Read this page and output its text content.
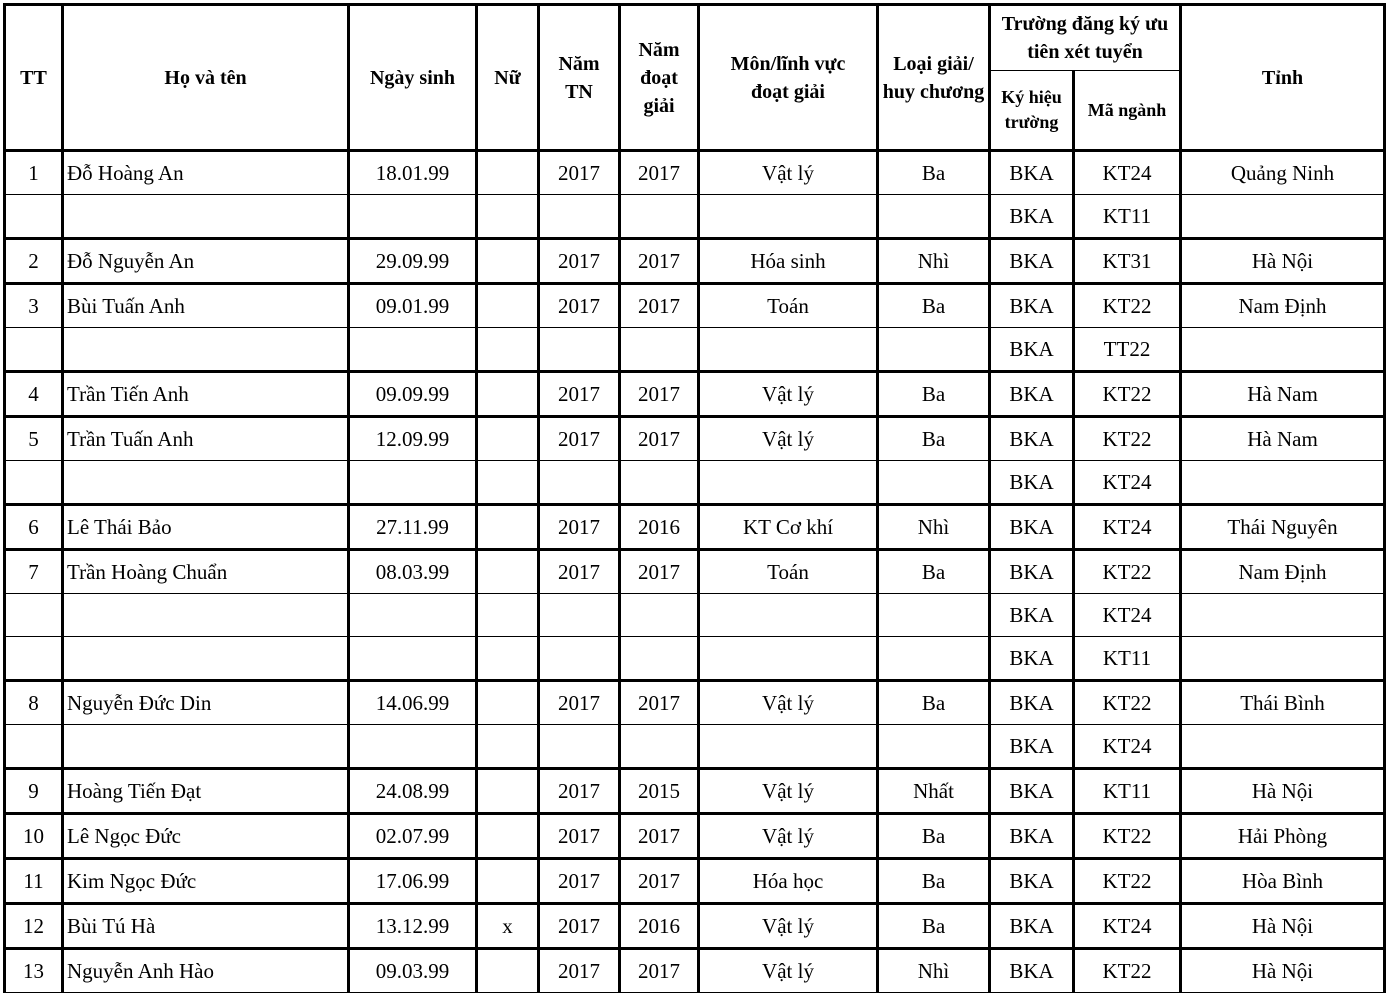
TT	Họ và tên	Ngày sinh	Nữ	Năm TN	Năm đoạt giải	Môn/lĩnh vực đoạt giải	Loại giải/ huy chương	Trường đăng ký ưu tiên xét tuyển		Tỉnh
								Ký hiệu trường	Mã ngành	
1	Đỗ Hoàng An	18.01.99		2017	2017	Vật lý	Ba	BKA	KT24	Quảng Ninh
								BKA	KT11	
2	Đỗ Nguyễn An	29.09.99		2017	2017	Hóa sinh	Nhì	BKA	KT31	Hà Nội
3	Bùi Tuấn Anh	09.01.99		2017	2017	Toán	Ba	BKA	KT22	Nam Định
								BKA	TT22	
4	Trần Tiến Anh	09.09.99		2017	2017	Vật lý	Ba	BKA	KT22	Hà Nam
5	Trần Tuấn Anh	12.09.99		2017	2017	Vật lý	Ba	BKA	KT22	Hà Nam
								BKA	KT24	
6	Lê Thái Bảo	27.11.99		2017	2016	KT Cơ khí	Nhì	BKA	KT24	Thái Nguyên
7	Trần Hoàng Chuẩn	08.03.99		2017	2017	Toán	Ba	BKA	KT22	Nam Định
								BKA	KT24	
								BKA	KT11	
8	Nguyễn Đức Din	14.06.99		2017	2017	Vật lý	Ba	BKA	KT22	Thái Bình
								BKA	KT24	
9	Hoàng Tiến Đạt	24.08.99		2017	2015	Vật lý	Nhất	BKA	KT11	Hà Nội
10	Lê Ngọc Đức	02.07.99		2017	2017	Vật lý	Ba	BKA	KT22	Hải Phòng
11	Kim Ngọc Đức	17.06.99		2017	2017	Hóa học	Ba	BKA	KT22	Hòa Bình
12	Bùi Tú Hà	13.12.99	x	2017	2016	Vật lý	Ba	BKA	KT24	Hà Nội
13	Nguyễn Anh Hào	09.03.99		2017	2017	Vật lý	Nhì	BKA	KT22	Hà Nội
